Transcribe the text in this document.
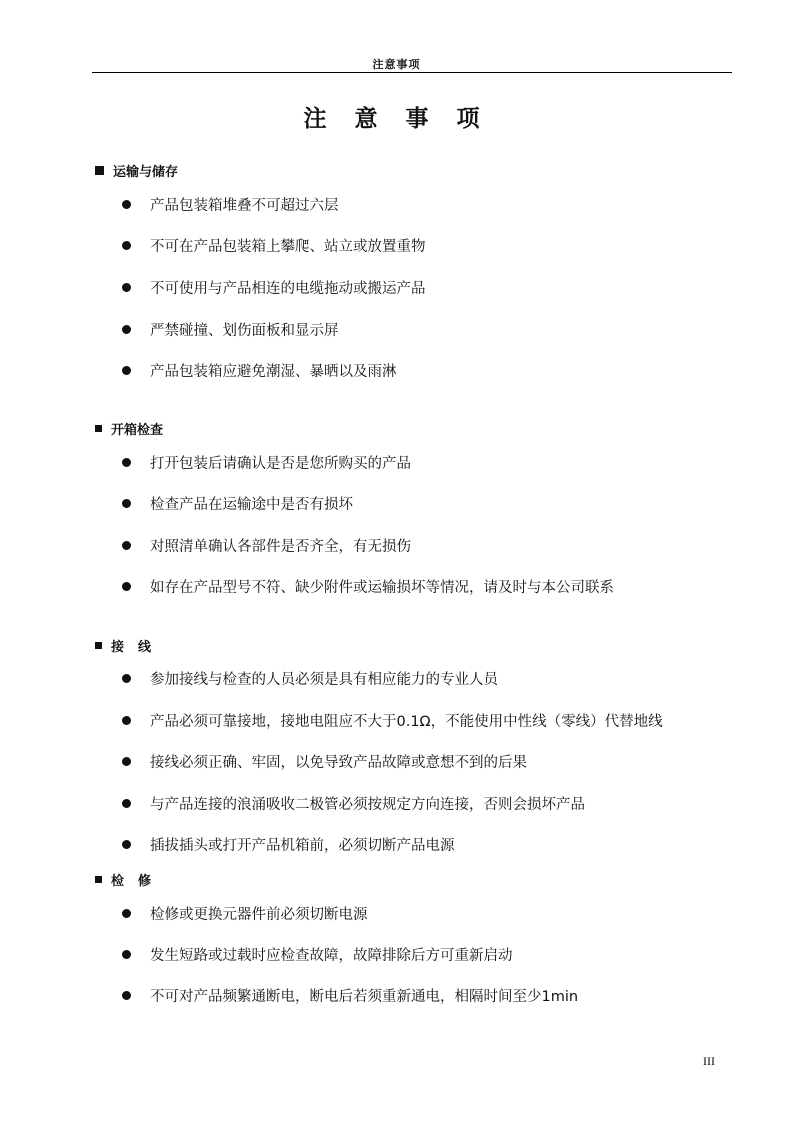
注意事项
注 意 事 项
运输与储存
产品包装箱堆叠不可超过六层
不可在产品包装箱上攀爬、站立或放置重物
不可使用与产品相连的电缆拖动或搬运产品
严禁碰撞、划伤面板和显示屏
产品包装箱应避免潮湿、暴晒以及雨淋
开箱检查
打开包装后请确认是否是您所购买的产品
检查产品在运输途中是否有损坏
对照清单确认各部件是否齐全，有无损伤
如存在产品型号不符、缺少附件或运输损坏等情况，请及时与本公司联系
接线
参加接线与检查的人员必须是具有相应能力的专业人员
产品必须可靠接地，接地电阻应不大于0.1Ω，不能使用中性线（零线）代替地线
接线必须正确、牢固，以免导致产品故障或意想不到的后果
与产品连接的浪涌吸收二极管必须按规定方向连接，否则会损坏产品
插拔插头或打开产品机箱前，必须切断产品电源
检修
检修或更换元器件前必须切断电源
发生短路或过载时应检查故障，故障排除后方可重新启动
不可对产品频繁通断电，断电后若须重新通电，相隔时间至少1min
III
